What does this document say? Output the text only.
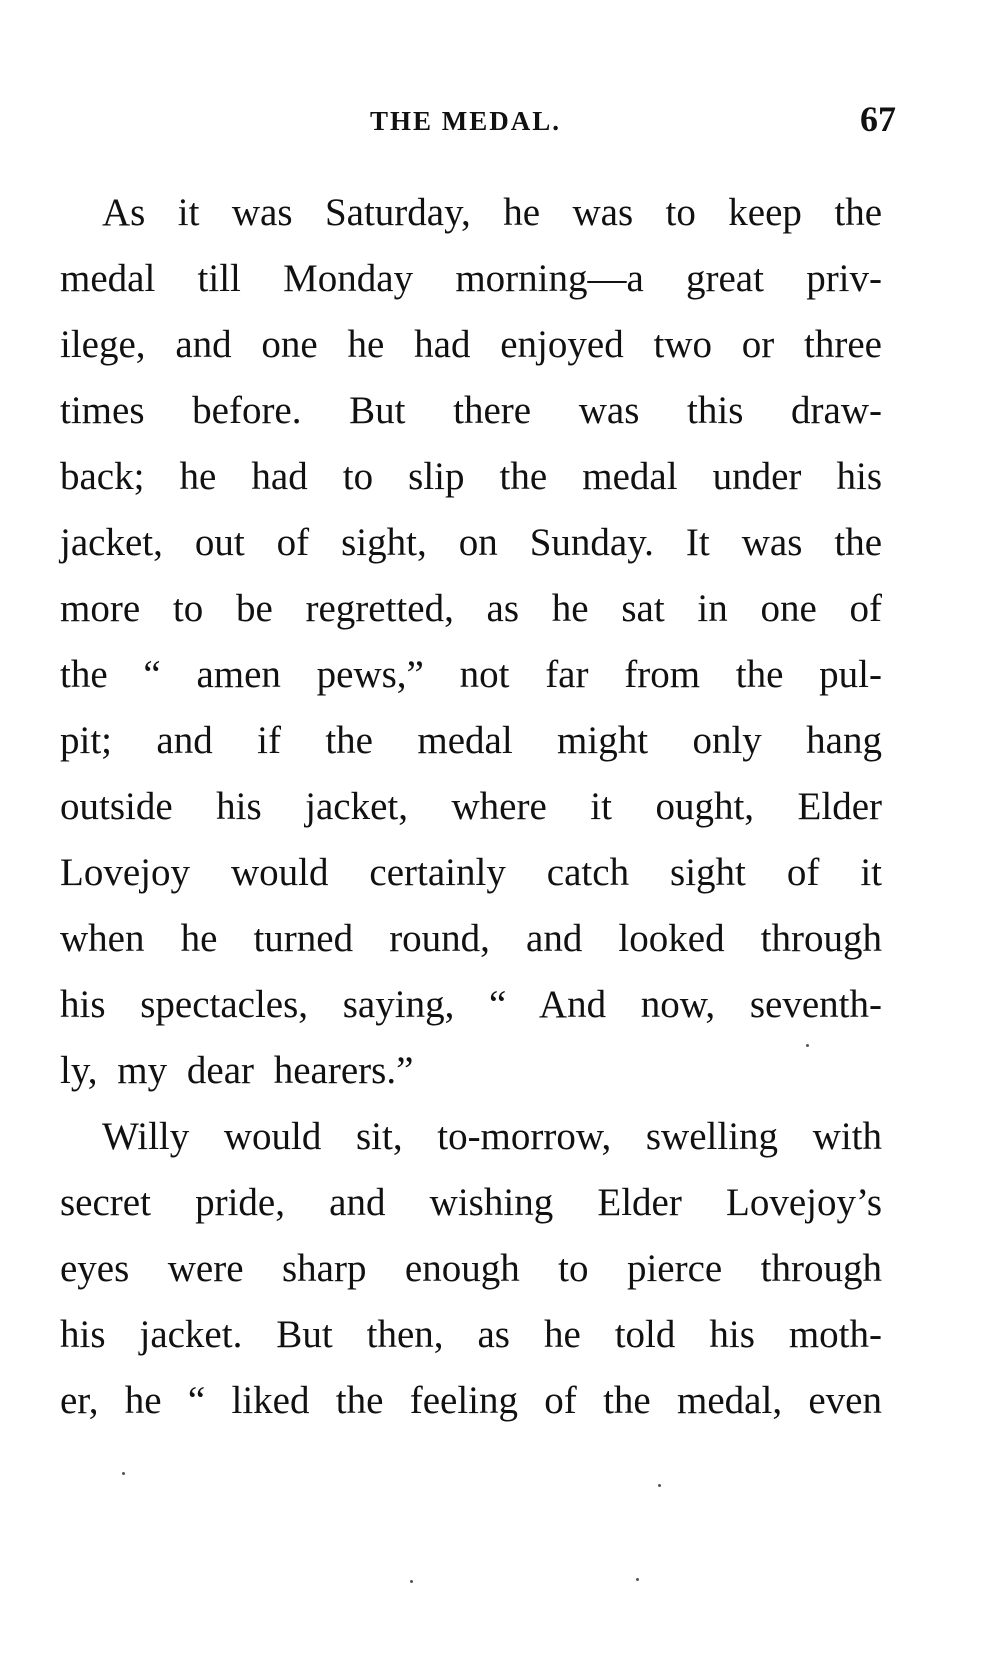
THE MEDAL.	67
As it was Saturday, he was to keep the
medal till Monday morning—a great priv-
ilege, and one he had enjoyed two or three
times before. But there was this draw-
back; he had to slip the medal under his
jacket, out of sight, on Sunday. It was the
more to be regretted, as he sat in one of
the “ amen pews,” not far from the pul-
pit; and if the medal might only hang
outside his jacket, where it ought, Elder
Lovejoy would certainly catch sight of it
when he turned round, and looked through
his spectacles, saying, “ And now, seventh-
ly, my dear hearers.”
Willy would sit, to-morrow, swelling with
secret pride, and wishing Elder Lovejoy’s
eyes were sharp enough to pierce through
his jacket. But then, as he told his moth-
er, he “ liked the feeling of the medal, even
